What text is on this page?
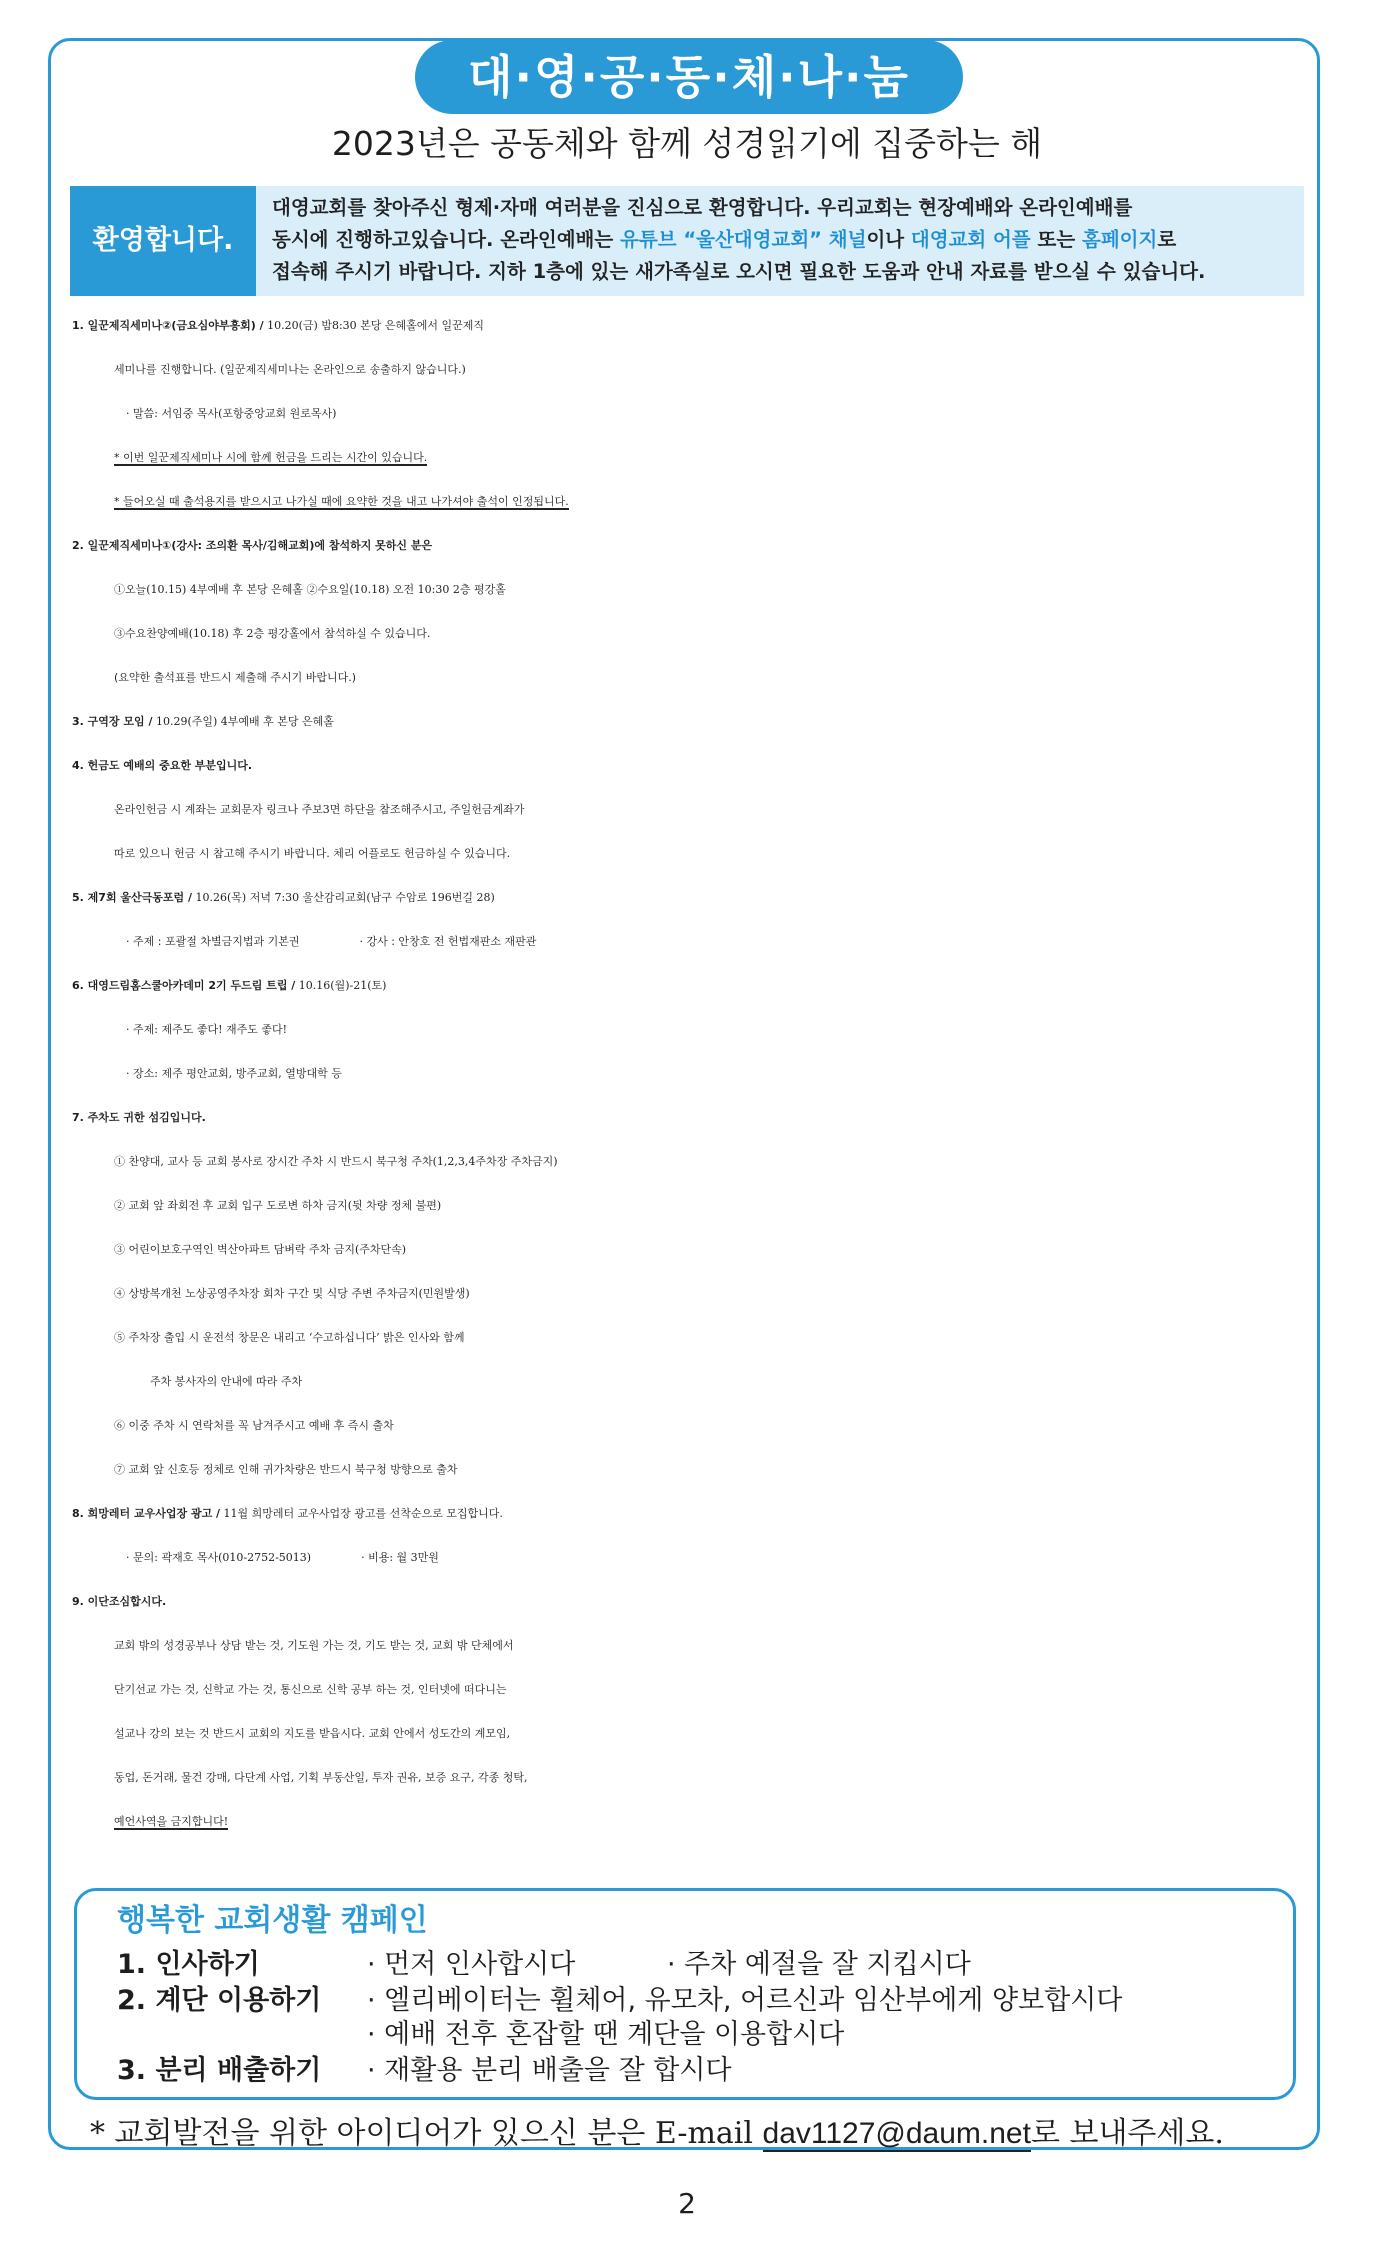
대·영·공·동·체·나·눔
2023년은 공동체와 함께 성경읽기에 집중하는 해
환영합니다.
대영교회를 찾아주신 형제·자매 여러분을 진심으로 환영합니다. 우리교회는 현장예배와 온라인예배를
동시에 진행하고있습니다. 온라인예배는 유튜브 “울산대영교회” 채널이나 대영교회 어플 또는 홈페이지로
접속해 주시기 바랍니다. 지하 1층에 있는 새가족실로 오시면 필요한 도움과 안내 자료를 받으실 수 있습니다.
1. 일꾼제직세미나②(금요심야부흥회) / 10.20(금) 밤8:30 본당 은혜홀에서 일꾼제직
세미나를 진행합니다. (일꾼제직세미나는 온라인으로 송출하지 않습니다.)
· 말씀: 서임중 목사(포항중앙교회 원로목사)
* 이번 일꾼제직세미나 시에 함께 헌금을 드리는 시간이 있습니다.
* 들어오실 때 출석용지를 받으시고 나가실 때에 요약한 것을 내고 나가셔야 출석이 인정됩니다.
2. 일꾼제직세미나①(강사: 조의환 목사/김해교회)에 참석하지 못하신 분은
①오늘(10.15) 4부예배 후 본당 은혜홀 ②수요일(10.18) 오전 10:30 2층 평강홀
③수요찬양예배(10.18) 후 2층 평강홀에서 참석하실 수 있습니다.
(요약한 출석표를 반드시 제출해 주시기 바랍니다.)
3. 구역장 모임 / 10.29(주일) 4부예배 후 본당 은혜홀
4. 헌금도 예배의 중요한 부분입니다.
온라인헌금 시 계좌는 교회문자 링크나 주보3면 하단을 참조해주시고, 주일헌금계좌가
따로 있으니 헌금 시 참고해 주시기 바랍니다. 체리 어플로도 헌금하실 수 있습니다.
5. 제7회 울산극동포럼 / 10.26(목) 저녁 7:30 울산감리교회(남구 수암로 196번길 28)
· 주제 : 포괄절 차별금지법과 기본권	· 강사 : 안창호 전 헌법재판소 재판관
6. 대영드림홈스쿨아카데미 2기 두드림 트립 / 10.16(월)-21(토)
· 주제: 제주도 좋다! 재주도 좋다!
· 장소: 제주 평안교회, 방주교회, 열방대학 등
7. 주차도 귀한 섬김입니다.
① 찬양대, 교사 등 교회 봉사로 장시간 주차 시 반드시 북구청 주차(1,2,3,4주차장 주차금지)
② 교회 앞 좌회전 후 교회 입구 도로변 하차 금지(뒷 차량 정체 불편)
③ 어린이보호구역인 벽산아파트 담벼락 주차 금지(주차단속)
④ 상방복개천 노상공영주차장 회차 구간 및 식당 주변 주차금지(민원발생)
⑤ 주차장 출입 시 운전석 창문은 내리고 ‘수고하십니다’ 밝은 인사와 함께
주차 봉사자의 안내에 따라 주차
⑥ 이중 주차 시 연락처를 꼭 남겨주시고 예배 후 즉시 출차
⑦ 교회 앞 신호등 정체로 인해 귀가차량은 반드시 북구청 방향으로 출차
8. 희망레터 교우사업장 광고 / 11월 희망레터 교우사업장 광고를 선착순으로 모집합니다.
· 문의: 곽재호 목사(010-2752-5013)	· 비용: 월 3만원
9. 이단조심합시다.
교회 밖의 성경공부나 상담 받는 것, 기도원 가는 것, 기도 받는 것, 교회 밖 단체에서
단기선교 가는 것, 신학교 가는 것, 통신으로 신학 공부 하는 것, 인터넷에 떠다니는
설교나 강의 보는 것 반드시 교회의 지도를 받읍시다. 교회 안에서 성도간의 계모임,
동업, 돈거래, 물건 강매, 다단계 사업, 기획 부동산일, 투자 권유, 보증 요구, 각종 청탁,
예언사역을 금지합니다!
행복한 교회생활 캠페인
1. 인사하기	· 먼저 인사합시다	· 주차 예절을 잘 지킵시다
2. 계단 이용하기 · 엘리베이터는 휠체어, 유모차, 어르신과 임산부에게 양보합시다
· 예배 전후 혼잡할 땐 계단을 이용합시다
3. 분리 배출하기 · 재활용 분리 배출을 잘 합시다
* 교회발전을 위한 아이디어가 있으신 분은 E-mail dav1127@daum.net로 보내주세요.
2
